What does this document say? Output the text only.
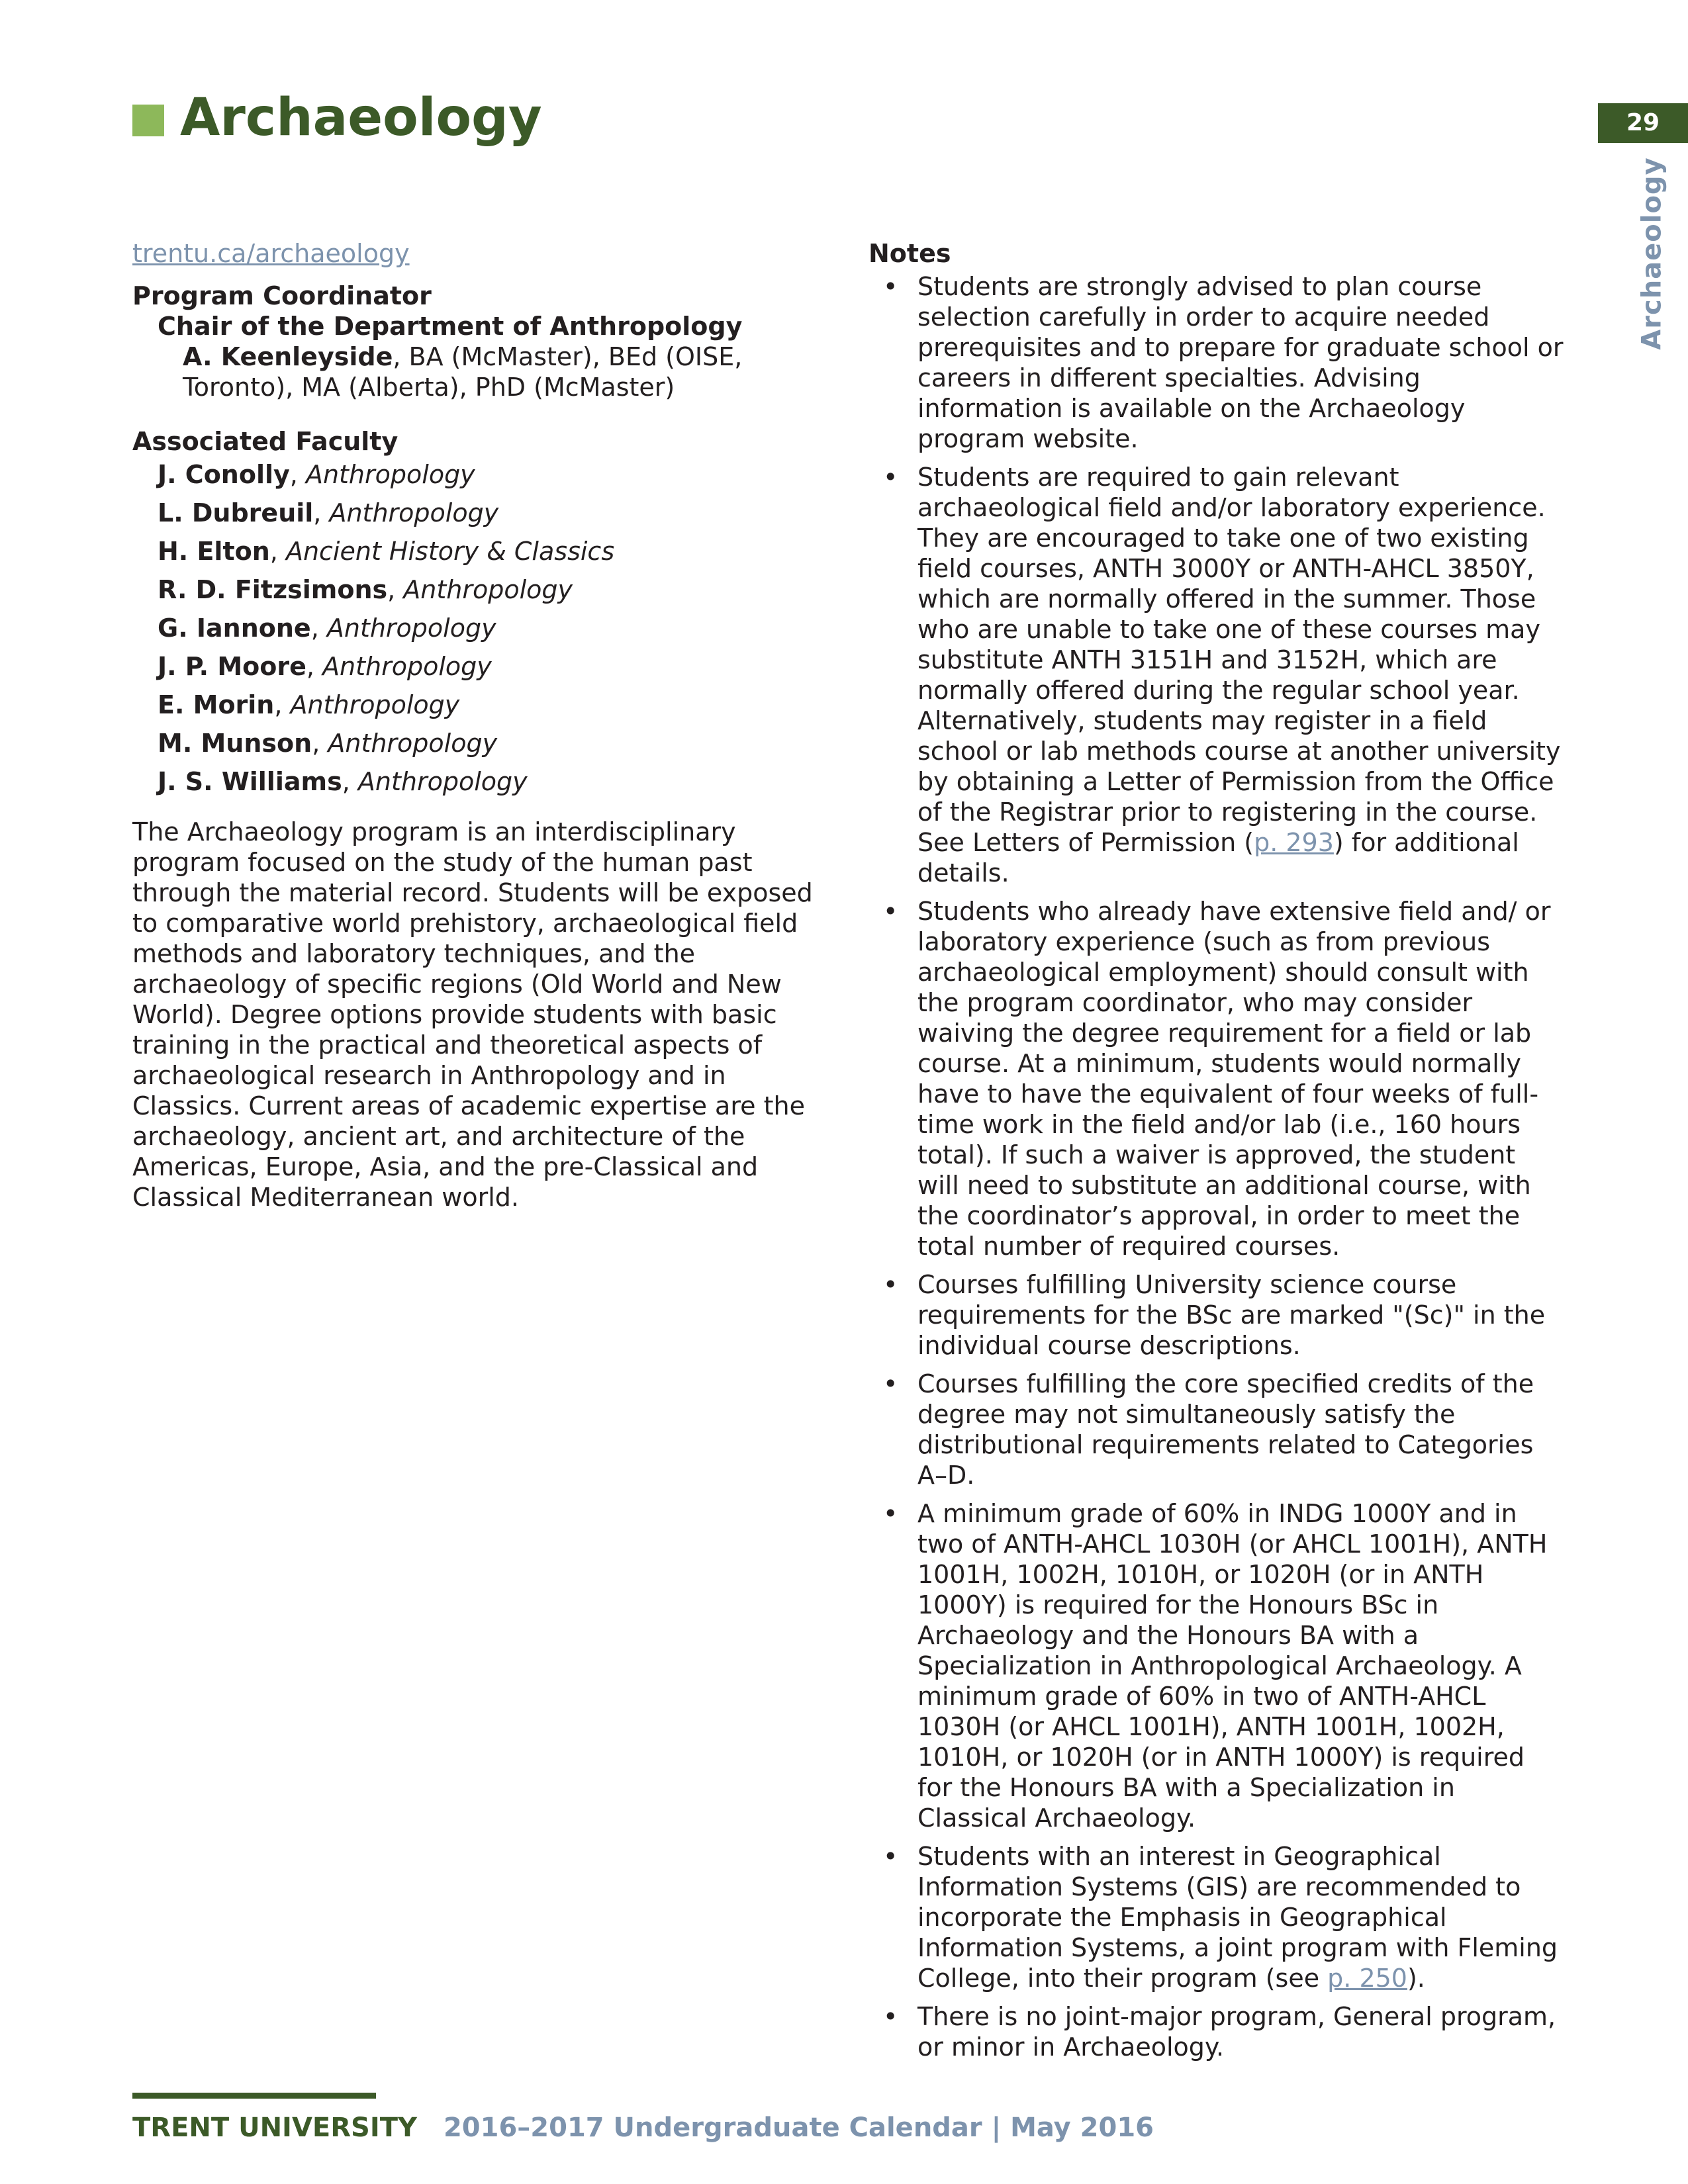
Archaeology	29
Archaeology
trentu.ca/archaeology
Program Coordinator
Chair of the Department of Anthropology
A. Keenleyside, BA (McMaster), BEd (OISE, Toronto), MA (Alberta), PhD (McMaster)
Associated Faculty
J. Conolly, Anthropology
L. Dubreuil, Anthropology
H. Elton, Ancient History & Classics
R. D. Fitzsimons, Anthropology
G. Iannone, Anthropology
J. P. Moore, Anthropology
E. Morin, Anthropology
M. Munson, Anthropology
J. S. Williams, Anthropology

The Archaeology program is an interdisciplinary program focused on the study of the human past through the material record. Students will be exposed to comparative world prehistory, archaeological field methods and laboratory techniques, and the archaeology of specific regions (Old World and New World). Degree options provide students with basic training in the practical and theoretical aspects of archaeological research in Anthropology and in Classics. Current areas of academic expertise are the archaeology, ancient art, and architecture of the Americas, Europe, Asia, and the pre-Classical and Classical Mediterranean world.

Notes
• Students are strongly advised to plan course selection carefully in order to acquire needed prerequisites and to prepare for graduate school or careers in different specialties. Advising information is available on the Archaeology program website.
• Students are required to gain relevant archaeological field and/or laboratory experience. They are encouraged to take one of two existing field courses, ANTH 3000Y or ANTH-AHCL 3850Y, which are normally offered in the summer. Those who are unable to take one of these courses may substitute ANTH 3151H and 3152H, which are normally offered during the regular school year. Alternatively, students may register in a field school or lab methods course at another university by obtaining a Letter of Permission from the Office of the Registrar prior to registering in the course. See Letters of Permission (p. 293) for additional details.
• Students who already have extensive field and/ or laboratory experience (such as from previous archaeological employment) should consult with the program coordinator, who may consider waiving the degree requirement for a field or lab course. At a minimum, students would normally have to have the equivalent of four weeks of full-time work in the field and/or lab (i.e., 160 hours total). If such a waiver is approved, the student will need to substitute an additional course, with the coordinator’s approval, in order to meet the total number of required courses.
• Courses fulfilling University science course requirements for the BSc are marked "(Sc)" in the individual course descriptions.
• Courses fulfilling the core specified credits of the degree may not simultaneously satisfy the distributional requirements related to Categories A–D.
• A minimum grade of 60% in INDG 1000Y and in two of ANTH-AHCL 1030H (or AHCL 1001H), ANTH 1001H, 1002H, 1010H, or 1020H (or in ANTH 1000Y) is required for the Honours BSc in Archaeology and the Honours BA with a Specialization in Anthropological Archaeology. A minimum grade of 60% in two of ANTH-AHCL 1030H (or AHCL 1001H), ANTH 1001H, 1002H, 1010H, or 1020H (or in ANTH 1000Y) is required for the Honours BA with a Specialization in Classical Archaeology.
• Students with an interest in Geographical Information Systems (GIS) are recommended to incorporate the Emphasis in Geographical Information Systems, a joint program with Fleming College, into their program (see p. 250).
• There is no joint-major program, General program, or minor in Archaeology.
TRENT UNIVERSITY 2016–2017 Undergraduate Calendar | May 2016
